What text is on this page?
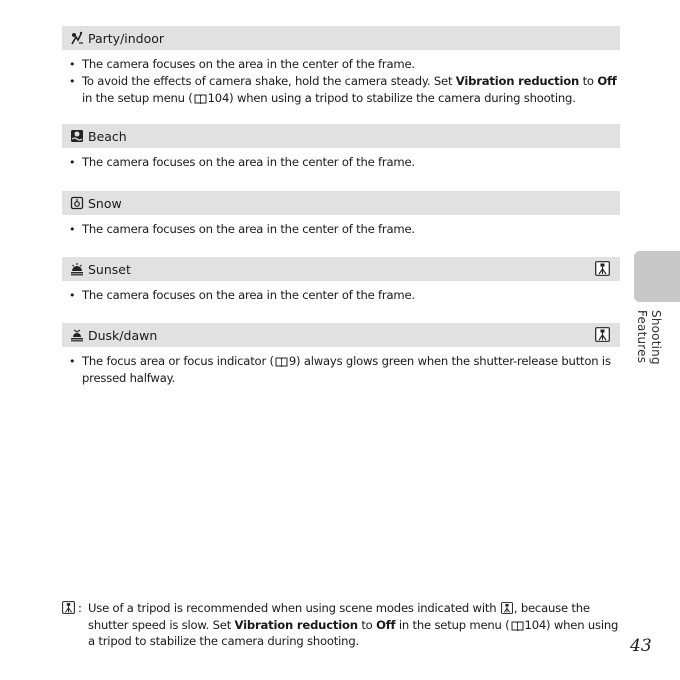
Party/indoor
• The camera focuses on the area in the center of the frame.
• To avoid the effects of camera shake, hold the camera steady. Set Vibration reduction to Off in the setup menu ( 104) when using a tripod to stabilize the camera during shooting.
Beach
• The camera focuses on the area in the center of the frame.
Snow
• The camera focuses on the area in the center of the frame.
Sunset
• The camera focuses on the area in the center of the frame.
Dusk/dawn
• The focus area or focus indicator ( 9) always glows green when the shutter-release button is pressed halfway.
Shooting Features
: Use of a tripod is recommended when using scene modes indicated with , because the shutter speed is slow. Set Vibration reduction to Off in the setup menu ( 104) when using a tripod to stabilize the camera during shooting.	43
